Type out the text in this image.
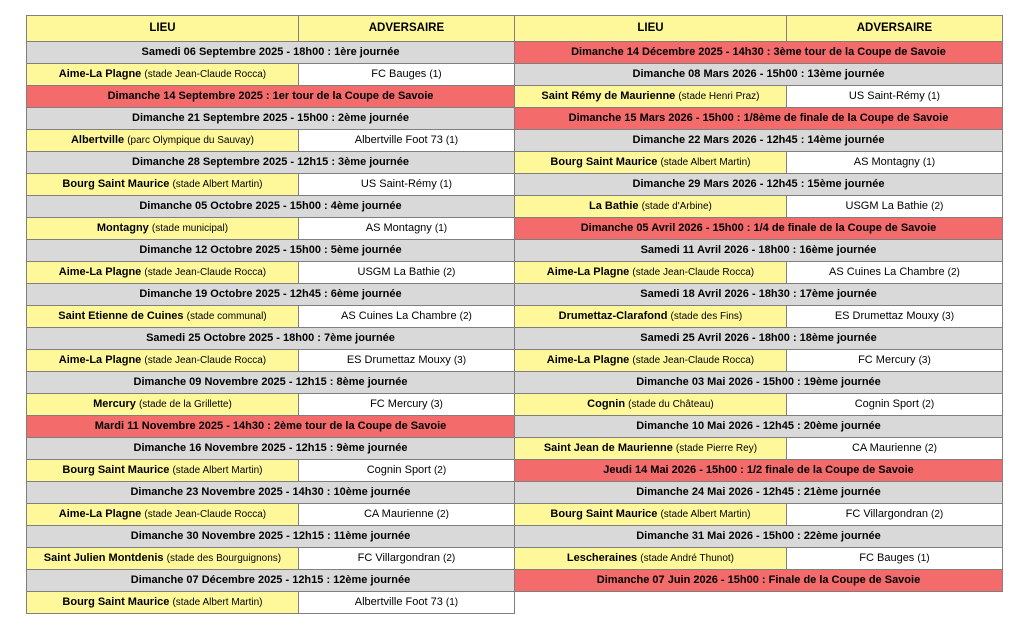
LIEU	ADVERSAIRE
Samedi 06 Septembre 2025 - 18h00 : 1ère journée	
Aime-La Plagne (stade Jean-Claude Rocca)	FC Bauges (1)
Dimanche 14 Septembre 2025 : 1er tour de la Coupe de Savoie	
Dimanche 21 Septembre 2025 - 15h00 : 2ème journée	
Albertville (parc Olympique du Sauvay)	Albertville Foot 73 (1)
Dimanche 28 Septembre 2025 - 12h15 : 3ème journée	
Bourg Saint Maurice (stade Albert Martin)	US Saint-Rémy (1)
Dimanche 05 Octobre 2025 - 15h00 : 4ème journée	
Montagny (stade municipal)	AS Montagny (1)
Dimanche 12 Octobre 2025 - 15h00 : 5ème journée	
Aime-La Plagne (stade Jean-Claude Rocca)	USGM La Bathie (2)
Dimanche 19 Octobre 2025 - 12h45 : 6ème journée	
Saint Etienne de Cuines (stade communal)	AS Cuines La Chambre (2)
Samedi 25 Octobre 2025 - 18h00 : 7ème journée	
Aime-La Plagne (stade Jean-Claude Rocca)	ES Drumettaz Mouxy (3)
Dimanche 09 Novembre 2025 - 12h15 : 8ème journée	
Mercury (stade de la Grillette)	FC Mercury (3)
Mardi 11 Novembre 2025 - 14h30 : 2ème tour de la Coupe de Savoie	
Dimanche 16 Novembre 2025 - 12h15 : 9ème journée	
Bourg Saint Maurice (stade Albert Martin)	Cognin Sport (2)
Dimanche 23 Novembre 2025 - 14h30 : 10ème journée	
Aime-La Plagne (stade Jean-Claude Rocca)	CA Maurienne (2)
Dimanche 30 Novembre 2025 - 12h15 : 11ème journée	
Saint Julien Montdenis (stade des Bourguignons)	FC Villargondran (2)
Dimanche 07 Décembre 2025 - 12h15 : 12ème journée	
Bourg Saint Maurice (stade Albert Martin)	Albertville Foot 73 (1)
LIEU	ADVERSAIRE
Dimanche 14 Décembre 2025 - 14h30 : 3ème tour de la Coupe de Savoie	
Dimanche 08 Mars 2026 - 15h00 : 13ème journée	
Saint Rémy de Maurienne (stade Henri Praz)	US Saint-Rémy (1)
Dimanche 15 Mars 2026 - 15h00 : 1/8ème de finale de la Coupe de Savoie	
Dimanche 22 Mars 2026 - 12h45 : 14ème journée	
Bourg Saint Maurice (stade Albert Martin)	AS Montagny (1)
Dimanche 29 Mars 2026 - 12h45 : 15ème journée	
La Bathie (stade d'Arbine)	USGM La Bathie (2)
Dimanche 05 Avril 2026 - 15h00 : 1/4 de finale de la Coupe de Savoie	
Samedi 11 Avril 2026 - 18h00 : 16ème journée	
Aime-La Plagne (stade Jean-Claude Rocca)	AS Cuines La Chambre (2)
Samedi 18 Avril 2026 - 18h30 : 17ème journée	
Drumettaz-Clarafond (stade des Fins)	ES Drumettaz Mouxy (3)
Samedi 25 Avril 2026 - 18h00 : 18ème journée	
Aime-La Plagne (stade Jean-Claude Rocca)	FC Mercury (3)
Dimanche 03 Mai 2026 - 15h00 : 19ème journée	
Cognin (stade du Château)	Cognin Sport (2)
Dimanche 10 Mai 2026 - 12h45 : 20ème journée	
Saint Jean de Maurienne (stade Pierre Rey)	CA Maurienne (2)
Jeudi 14 Mai 2026 - 15h00 : 1/2 finale de la Coupe de Savoie	
Dimanche 24 Mai 2026 - 12h45 : 21ème journée	
Bourg Saint Maurice (stade Albert Martin)	FC Villargondran (2)
Dimanche 31 Mai 2026 - 15h00 : 22ème journée	
Lescheraines (stade André Thunot)	FC Bauges (1)
Dimanche 07 Juin 2026 - 15h00 : Finale de la Coupe de Savoie	
